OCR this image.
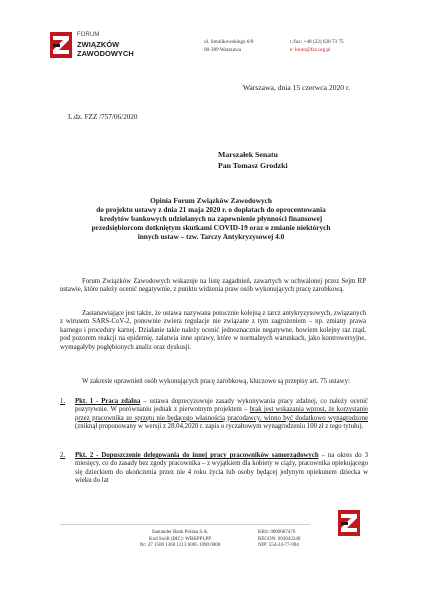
FORUM
ZWIĄZKÓW
ZAWODOWYCH
ul. Smulikowskiego 6/8
00-389 Warszawa
t./fax: +48 (22) 628 73 75
e: biuro@fzz.org.pl
Warszawa, dnia 15 czerwca 2020 r.
L.dz. FZZ /757/06/2020
Marszałek Senatu
Pan Tomasz Grodzki
Opinia Forum Związków Zawodowych
do projektu ustawy z dnia 21 maja 2020 r. o dopłatach do oprocentowania
kredytów bankowych udzielanych na zapewnienie płynności finansowej
przedsiębiorcom dotkniętym skutkami COVID-19 oraz o zmianie niektórych
innych ustaw – tzw. Tarczy Antykryzysowej 4.0

Forum Związków Zawodowych wskazuje na listę zagadnień, zawartych w uchwalonej przez Sejm RP ustawie, które należy ocenić negatywnie, z punktu widzenia praw osób wykonujących pracę zarobkową.

Zastanawiające jest także, że ustawa nazywana potocznie kolejną z tarcz antykryzysowych, związanych z wirusem SARS-CoV-2, ponownie zwiera regulacje nie związane z tym zagrożeniem – np. zmiany prawa karnego i procedury karnej. Działanie takie należy ocenić jednoznacznie negatywne, bowiem kolejny raz rząd, pod pozorem reakcji na epidemię, załatwia inne sprawy, które w normalnych warunkach, jako kontrowersyjne, wymagałyby pogłębionych analiz oraz dyskusji.

W zakresie uprawnień osób wykonujących pracę zarobkową, kluczowe są przepisy art. 75 ustawy:

1. Pkt. 1 - Praca zdalna – ustawa doprecyzowuje zasady wykonywania pracy zdalnej, co należy ocenić pozytywnie. W porównaniu jednak z pierwotnym projektem – brak jest wskazania wprost, że korzystanie przez pracownika ze sprzętu nie będącego własnością pracodawcy, winno być dodatkowo wynagrodzone (zniknął proponowany w wersji z 28.04.2020 r. zapis o ryczałtowym wynagrodzeniu 100 zł z tego tytułu).
2. Pkt. 2 - Dopuszczenie delegowania do innej pracy pracowników samorządowych – na okres do 3 miesięcy, co do zasady bez zgody pracownika – z wyjątkiem dla kobiety w ciąży, pracownika opiekującego się dzieckiem do ukończenia przez nie 4 roku życia lub osoby będącej jedynym opiekunem dziecka w wieku do lat
Santander Bank Polska S.A.
Kod Swift (BIC): WBKPPLPP
Nr: 47 1500 1360 1213 6005 1090 0000
KRS: 0000087470
REGON: 093043340
NIP: 554-24-77-994
